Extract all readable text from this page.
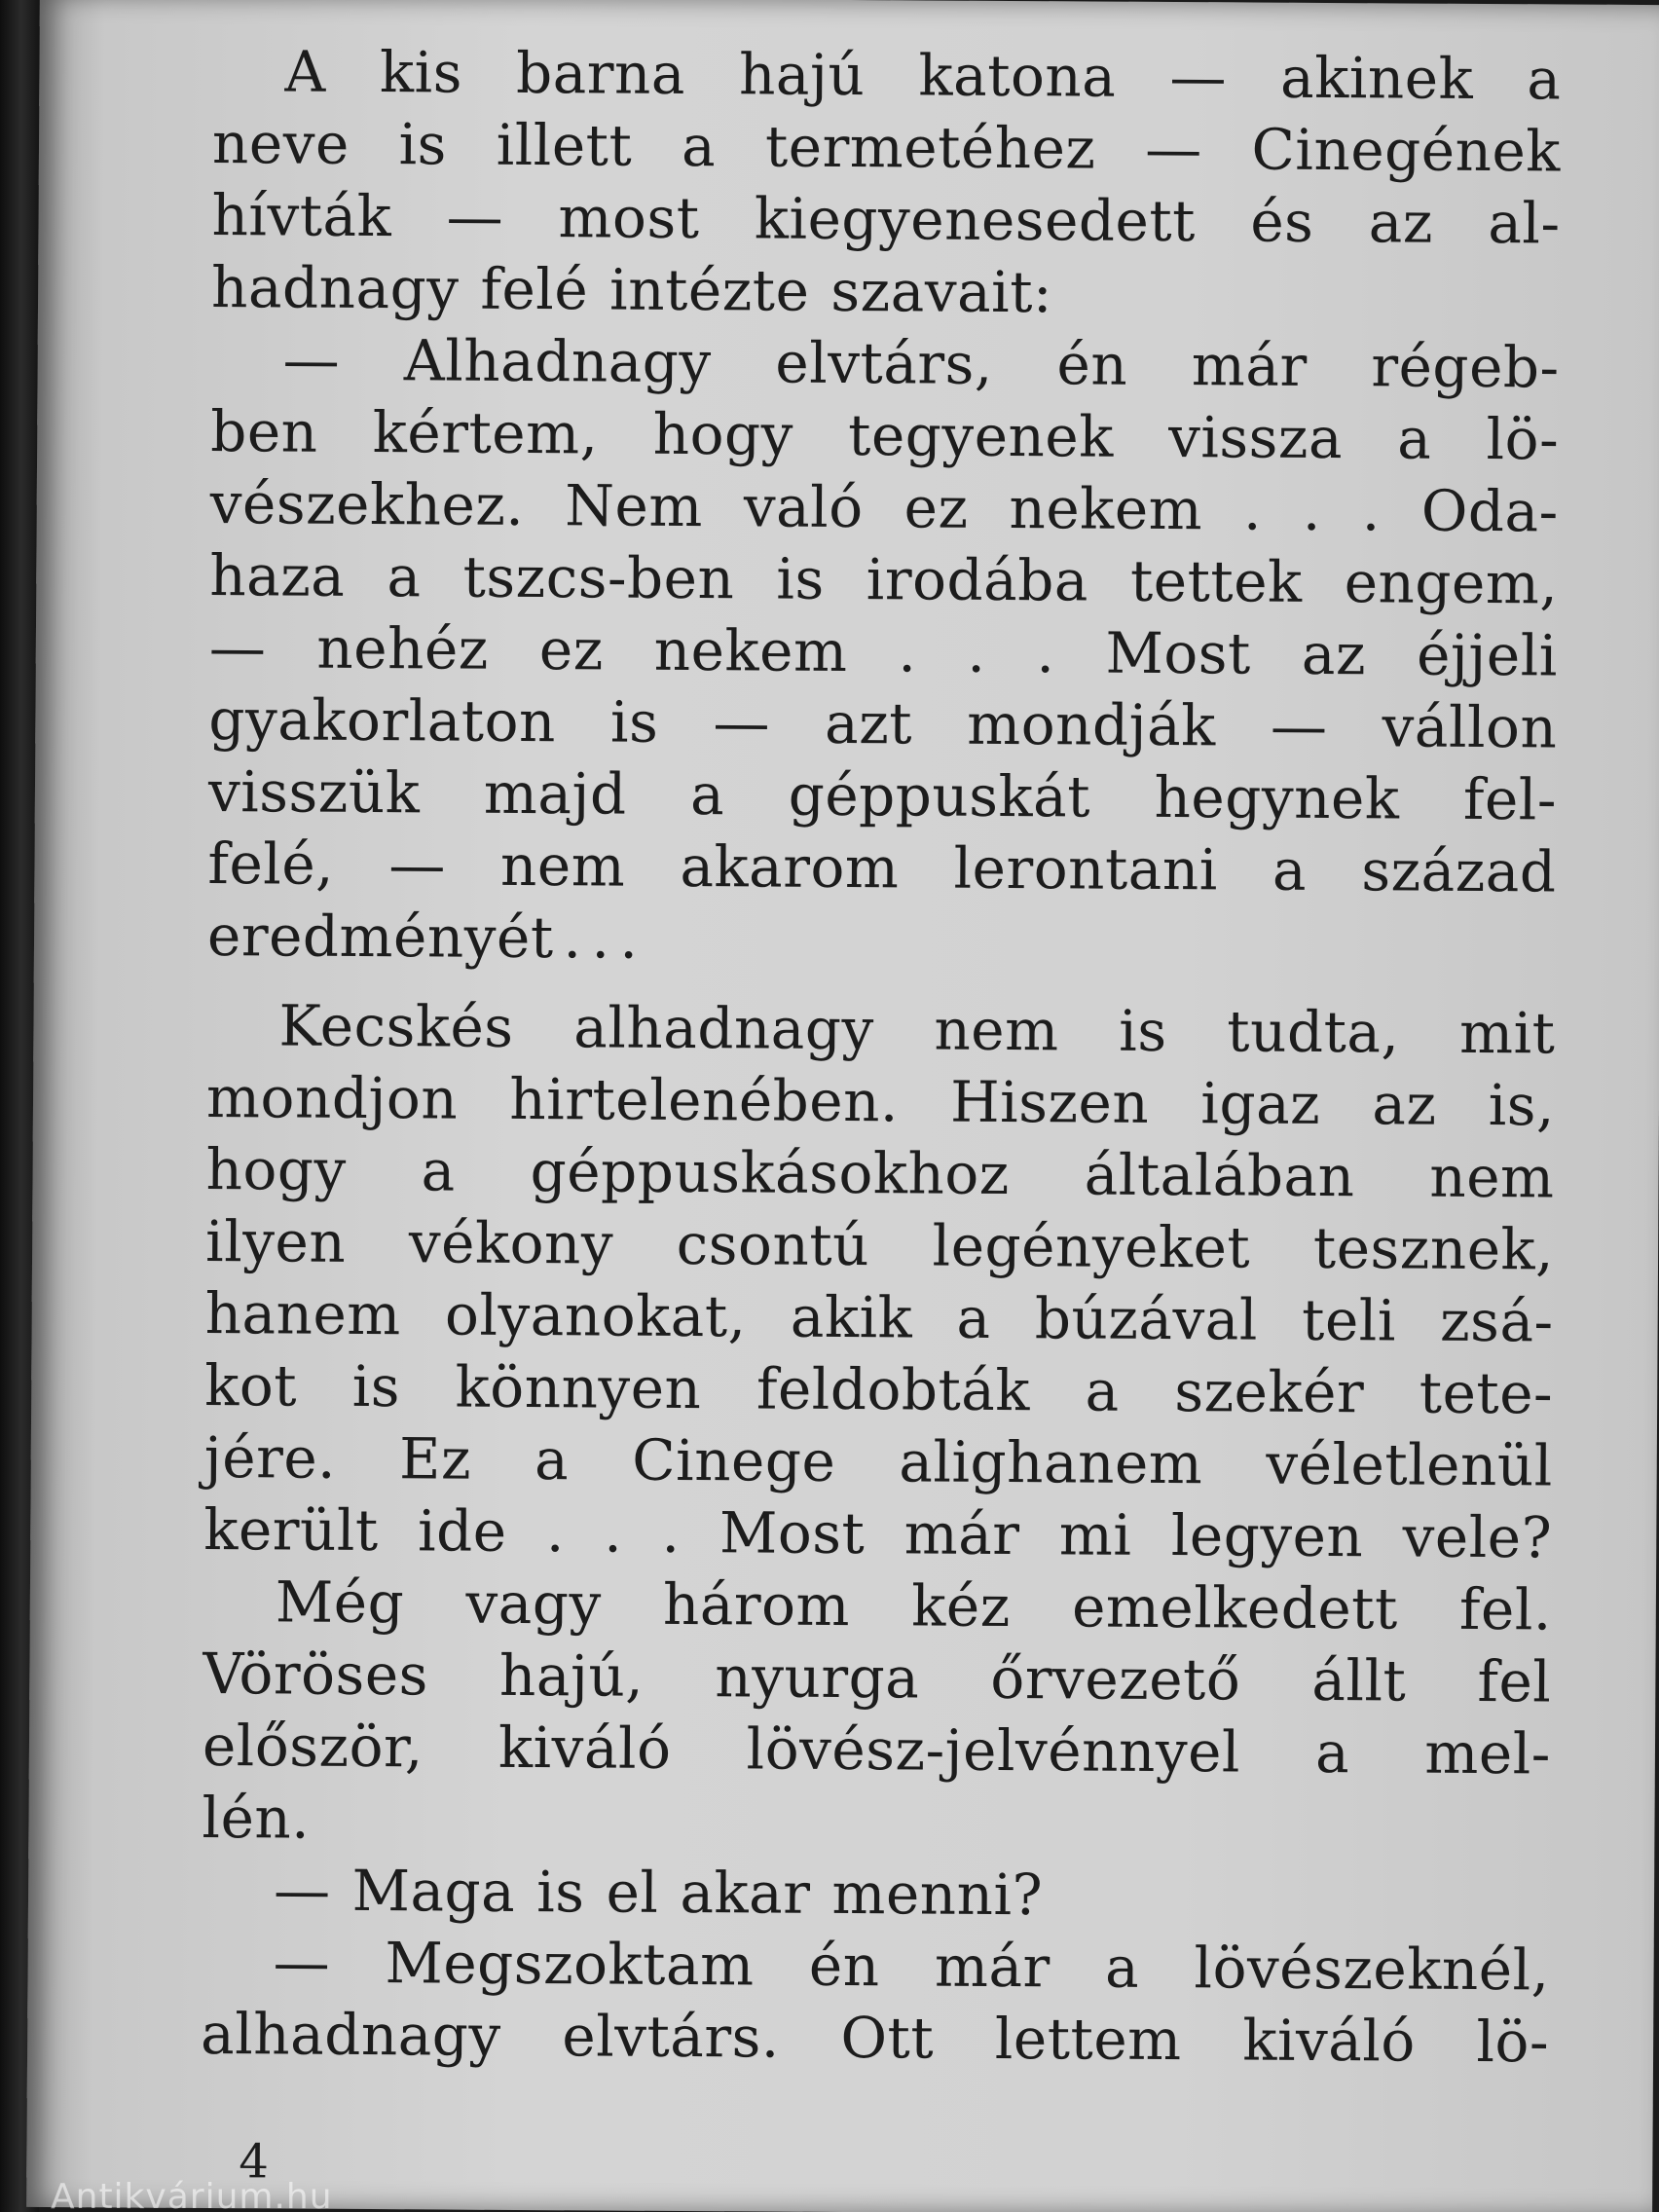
A kis barna hajú katona — akinek a
neve is illett a termetéhez — Cinegének
hívták — most kiegyenesedett és az al-
hadnagy felé intézte szavait:
— Alhadnagy elvtárs, én már régeb-
ben kértem, hogy tegyenek vissza a lö-
vészekhez. Nem való ez nekem . . . Oda-
haza a tszcs-ben is irodába tettek engem,
— nehéz ez nekem . . . Most az éjjeli
gyakorlaton is — azt mondják — vállon
visszük majd a géppuskát hegynek fel-
felé, — nem akarom lerontani a század
eredményét . . .
Kecskés alhadnagy nem is tudta, mit
mondjon hirtelenében. Hiszen igaz az is,
hogy a géppuskásokhoz általában nem
ilyen vékony csontú legényeket tesznek,
hanem olyanokat, akik a búzával teli zsá-
kot is könnyen feldobták a szekér tete-
jére. Ez a Cinege alighanem véletlenül
került ide . . . Most már mi legyen vele?
Még vagy három kéz emelkedett fel.
Vöröses hajú, nyurga őrvezető állt fel
először, kiváló lövész-jelvénnyel a mel-
lén.
— Maga is el akar menni?
— Megszoktam én már a lövészeknél,
alhadnagy elvtárs. Ott lettem kiváló lö-
4
Antikvárium.hu
